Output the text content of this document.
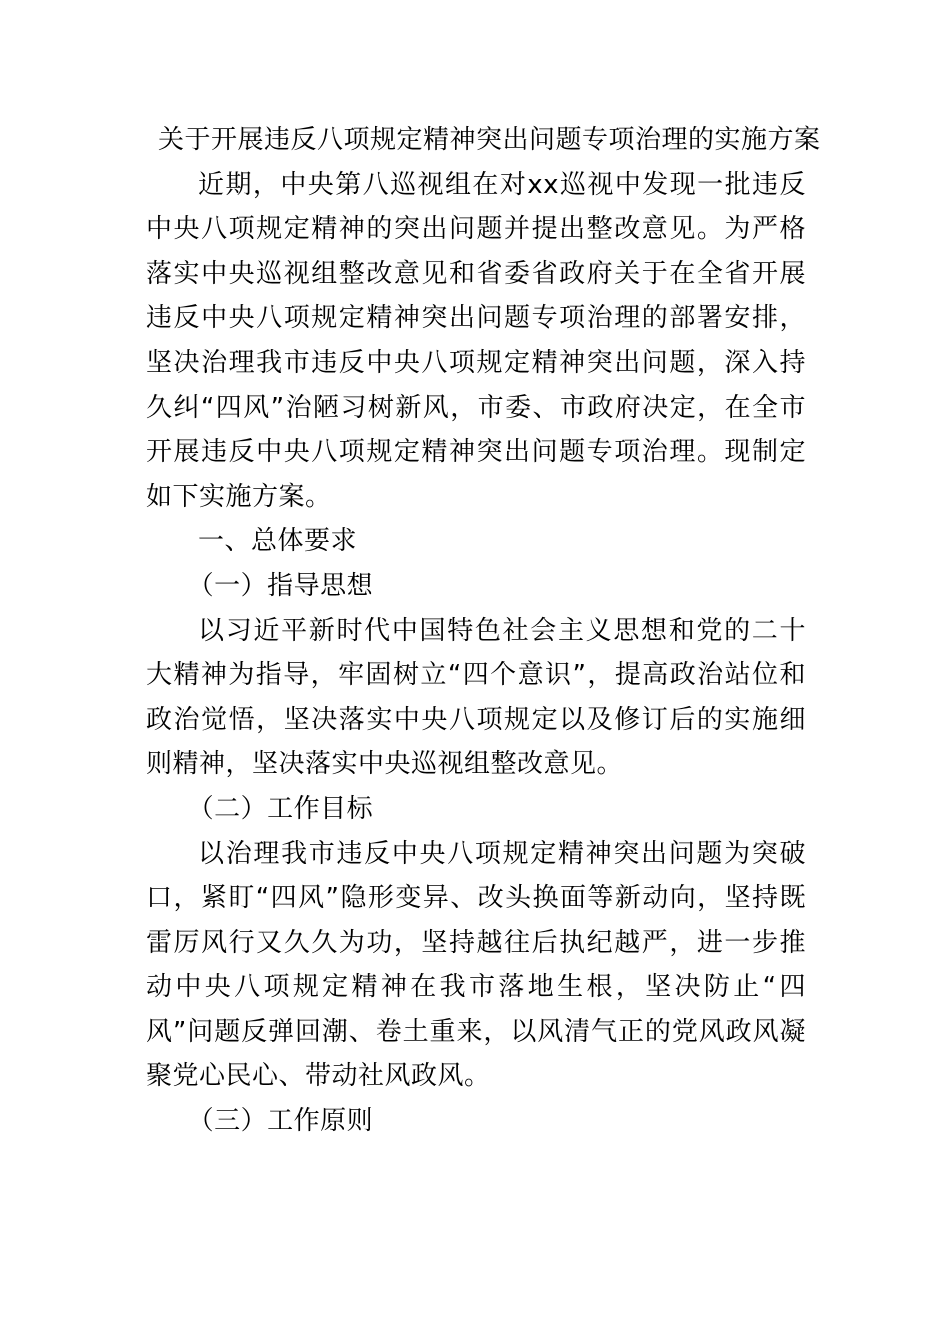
关于开展违反八项规定精神突出问题专项治理的实施方案

近期，中央第八巡视组在对xx巡视中发现一批违反中央八项规定精神的突出问题并提出整改意见。为严格落实中央巡视组整改意见和省委省政府关于在全省开展违反中央八项规定精神突出问题专项治理的部署安排，坚决治理我市违反中央八项规定精神突出问题，深入持久纠“四风”治陋习树新风，市委、市政府决定，在全市开展违反中央八项规定精神突出问题专项治理。现制定如下实施方案。

一、总体要求

（一）指导思想

以习近平新时代中国特色社会主义思想和党的二十大精神为指导，牢固树立“四个意识”，提高政治站位和政治觉悟，坚决落实中央八项规定以及修订后的实施细则精神，坚决落实中央巡视组整改意见。

（二）工作目标

以治理我市违反中央八项规定精神突出问题为突破口，紧盯“四风”隐形变异、改头换面等新动向，坚持既雷厉风行又久久为功，坚持越往后执纪越严，进一步推动中央八项规定精神在我市落地生根，坚决防止“四风”问题反弹回潮、卷土重来，以风清气正的党风政风凝聚党心民心、带动社风政风。

（三）工作原则
